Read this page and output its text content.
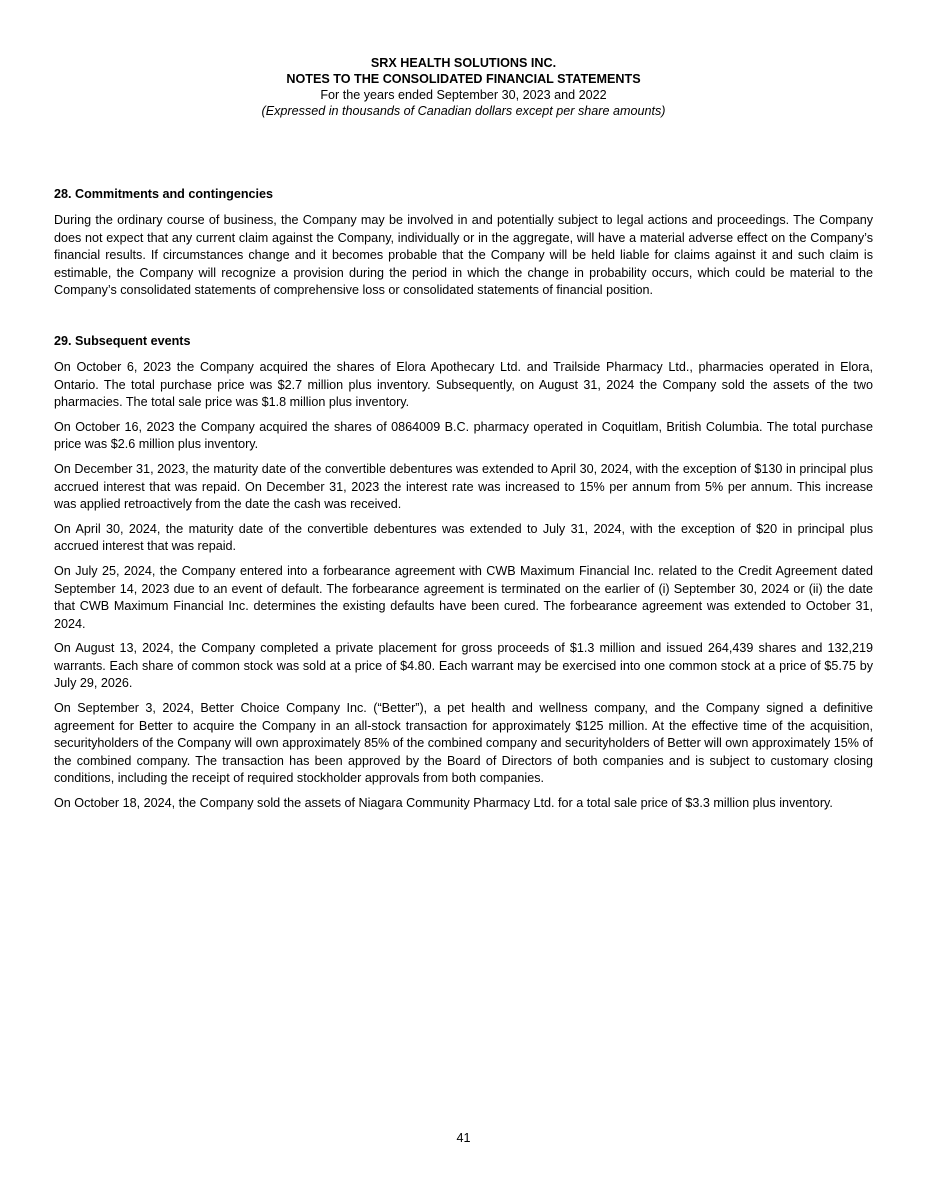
SRX HEALTH SOLUTIONS INC.
NOTES TO THE CONSOLIDATED FINANCIAL STATEMENTS
For the years ended September 30, 2023 and 2022
(Expressed in thousands of Canadian dollars except per share amounts)
28. Commitments and contingencies

During the ordinary course of business, the Company may be involved in and potentially subject to legal actions and proceedings. The Company does not expect that any current claim against the Company, individually or in the aggregate, will have a material adverse effect on the Company’s financial results. If circumstances change and it becomes probable that the Company will be held liable for claims against it and such claim is estimable, the Company will recognize a provision during the period in which the change in probability occurs, which could be material to the Company’s consolidated statements of comprehensive loss or consolidated statements of financial position.

29. Subsequent events

On October 6, 2023 the Company acquired the shares of Elora Apothecary Ltd. and Trailside Pharmacy Ltd., pharmacies operated in Elora, Ontario. The total purchase price was $2.7 million plus inventory. Subsequently, on August 31, 2024 the Company sold the assets of the two pharmacies. The total sale price was $1.8 million plus inventory.

On October 16, 2023 the Company acquired the shares of 0864009 B.C. pharmacy operated in Coquitlam, British Columbia. The total purchase price was $2.6 million plus inventory.

On December 31, 2023, the maturity date of the convertible debentures was extended to April 30, 2024, with the exception of $130 in principal plus accrued interest that was repaid. On December 31, 2023 the interest rate was increased to 15% per annum from 5% per annum. This increase was applied retroactively from the date the cash was received.

On April 30, 2024, the maturity date of the convertible debentures was extended to July 31, 2024, with the exception of $20 in principal plus accrued interest that was repaid.

On July 25, 2024, the Company entered into a forbearance agreement with CWB Maximum Financial Inc. related to the Credit Agreement dated September 14, 2023 due to an event of default. The forbearance agreement is terminated on the earlier of (i) September 30, 2024 or (ii) the date that CWB Maximum Financial Inc. determines the existing defaults have been cured. The forbearance agreement was extended to October 31, 2024.

On August 13, 2024, the Company completed a private placement for gross proceeds of $1.3 million and issued 264,439 shares and 132,219 warrants. Each share of common stock was sold at a price of $4.80. Each warrant may be exercised into one common stock at a price of $5.75 by July 29, 2026.

On September 3, 2024, Better Choice Company Inc. (“Better”), a pet health and wellness company, and the Company signed a definitive agreement for Better to acquire the Company in an all-stock transaction for approximately $125 million. At the effective time of the acquisition, securityholders of the Company will own approximately 85% of the combined company and securityholders of Better will own approximately 15% of the combined company. The transaction has been approved by the Board of Directors of both companies and is subject to customary closing conditions, including the receipt of required stockholder approvals from both companies.

On October 18, 2024, the Company sold the assets of Niagara Community Pharmacy Ltd. for a total sale price of $3.3 million plus inventory.

41
